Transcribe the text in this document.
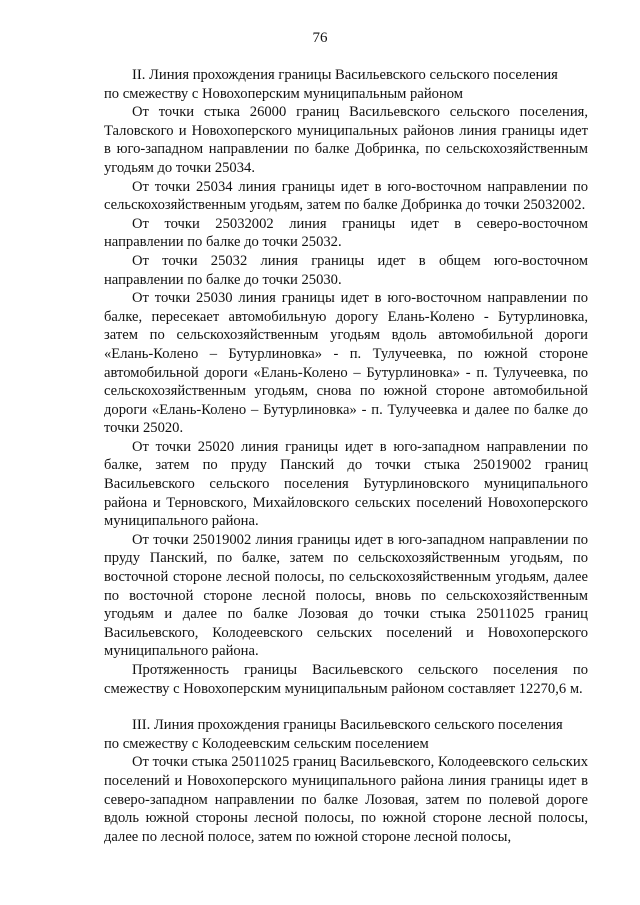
76

II. Линия прохождения границы Васильевского сельского поселения

по смежеству с Новохоперским муниципальным районом

От точки стыка 26000 границ Васильевского сельского поселения, Таловского и Новохоперского муниципальных районов линия границы идет в юго-западном направлении по балке Добринка, по сельскохозяйственным угодьям до точки 25034.

От точки 25034 линия границы идет в юго-восточном направлении по сельскохозяйственным угодьям, затем по балке Добринка до точки 25032002.

От точки 25032002 линия границы идет в северо-восточном направлении по балке до точки 25032.

От точки 25032 линия границы идет в общем юго-восточном направлении по балке до точки 25030.

От точки 25030 линия границы идет в юго-восточном направлении по балке, пересекает автомобильную дорогу Елань-Колено - Бутурлиновка, затем по сельскохозяйственным угодьям вдоль автомобильной дороги «Елань-Колено – Бутурлиновка» - п. Тулучеевка, по южной стороне автомобильной дороги «Елань-Колено – Бутурлиновка» - п. Тулучеевка, по сельскохозяйственным угодьям, снова по южной стороне автомобильной дороги «Елань-Колено – Бутурлиновка» - п. Тулучеевка и далее по балке до точки 25020.

От точки 25020 линия границы идет в юго-западном направлении по балке, затем по пруду Панский до точки стыка 25019002 границ Васильевского сельского поселения Бутурлиновского муниципального района и Терновского, Михайловского сельских поселений Новохоперского муниципального района.

От точки 25019002 линия границы идет в юго-западном направлении по пруду Панский, по балке, затем по сельскохозяйственным угодьям, по восточной стороне лесной полосы, по сельскохозяйственным угодьям, далее по восточной стороне лесной полосы, вновь по сельскохозяйственным угодьям и далее по балке Лозовая до точки стыка 25011025 границ Васильевского, Колодеевского сельских поселений и Новохоперского муниципального района.

Протяженность границы Васильевского сельского поселения по смежеству с Новохоперским муниципальным районом составляет 12270,6 м.

III. Линия прохождения границы Васильевского сельского поселения

по смежеству с Колодеевским сельским поселением

От точки стыка 25011025 границ Васильевского, Колодеевского сельских поселений и Новохоперского муниципального района линия границы идет в северо-западном направлении по балке Лозовая, затем по полевой дороге вдоль южной стороны лесной полосы, по южной стороне лесной полосы, далее по лесной полосе, затем по южной стороне лесной полосы,
